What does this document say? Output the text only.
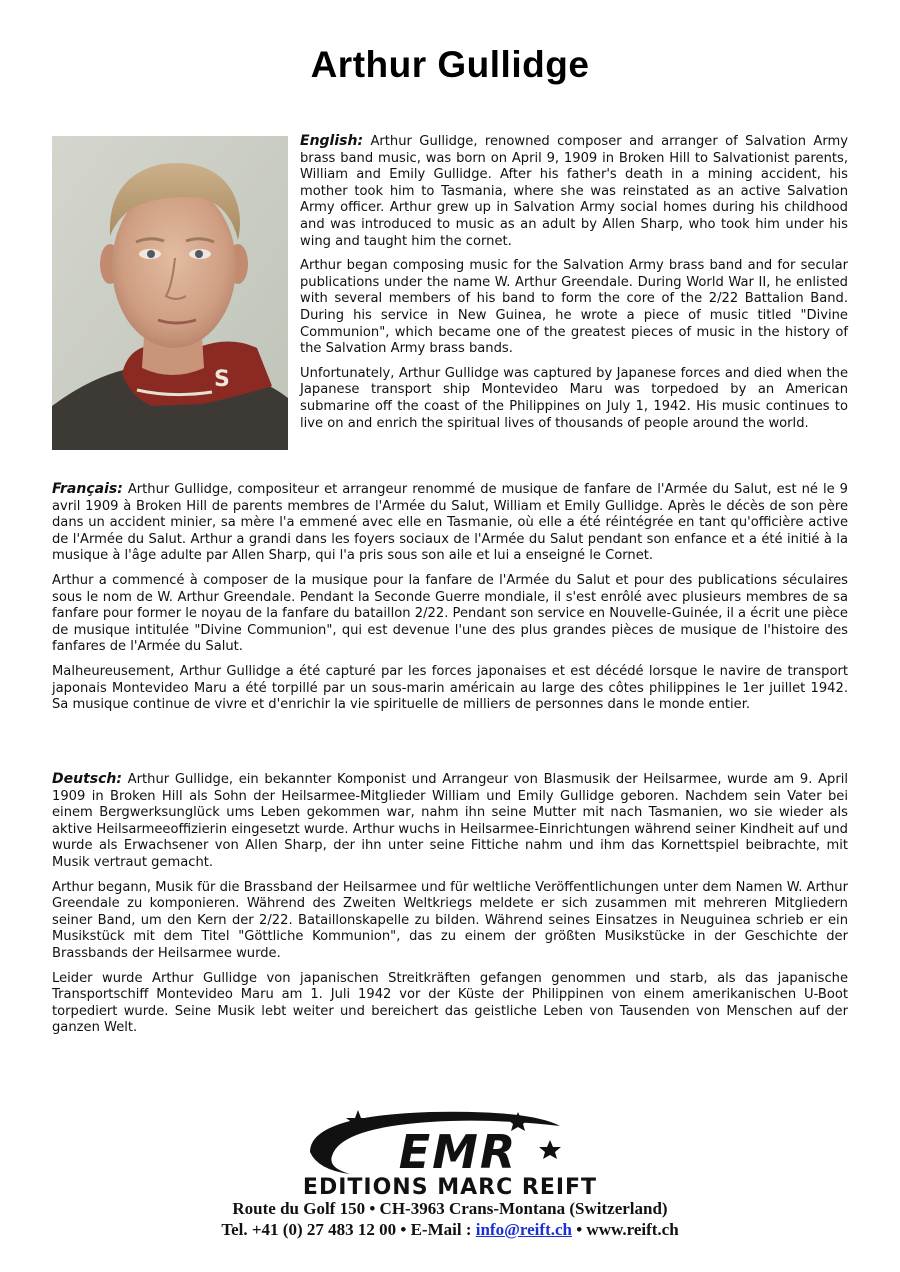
Arthur Gullidge
S

English: Arthur Gullidge, renowned composer and arranger of Salvation Army brass band music, was born on April 9, 1909 in Broken Hill to Salvationist parents, William and Emily Gullidge. After his father's death in a mining accident, his mother took him to Tasmania, where she was reinstated as an active Salvation Army officer. Arthur grew up in Salvation Army social homes during his childhood and was introduced to music as an adult by Allen Sharp, who took him under his wing and taught him the cornet.

Arthur began composing music for the Salvation Army brass band and for secular publications under the name W. Arthur Greendale. During World War II, he enlisted with several members of his band to form the core of the 2/22 Battalion Band. During his service in New Guinea, he wrote a piece of music titled "Divine Communion", which became one of the greatest pieces of music in the history of the Salvation Army brass bands.

Unfortunately, Arthur Gullidge was captured by Japanese forces and died when the Japanese transport ship Montevideo Maru was torpedoed by an American submarine off the coast of the Philippines on July 1, 1942. His music continues to live on and enrich the spiritual lives of thousands of people around the world.

Français: Arthur Gullidge, compositeur et arrangeur renommé de musique de fanfare de l'Armée du Salut, est né le 9 avril 1909 à Broken Hill de parents membres de l'Armée du Salut, William et Emily Gullidge. Après le décès de son père dans un accident minier, sa mère l'a emmené avec elle en Tasmanie, où elle a été réintégrée en tant qu'officière active de l'Armée du Salut. Arthur a grandi dans les foyers sociaux de l'Armée du Salut pendant son enfance et a été initié à la musique à l'âge adulte par Allen Sharp, qui l'a pris sous son aile et lui a enseigné le Cornet.

Arthur a commencé à composer de la musique pour la fanfare de l'Armée du Salut et pour des publications séculaires sous le nom de W. Arthur Greendale. Pendant la Seconde Guerre mondiale, il s'est enrôlé avec plusieurs membres de sa fanfare pour former le noyau de la fanfare du bataillon 2/22. Pendant son service en Nouvelle-Guinée, il a écrit une pièce de musique intitulée "Divine Communion", qui est devenue l'une des plus grandes pièces de musique de l'histoire des fanfares de l'Armée du Salut.

Malheureusement, Arthur Gullidge a été capturé par les forces japonaises et est décédé lorsque le navire de transport japonais Montevideo Maru a été torpillé par un sous-marin américain au large des côtes philippines le 1er juillet 1942. Sa musique continue de vivre et d'enrichir la vie spirituelle de milliers de personnes dans le monde entier.

Deutsch: Arthur Gullidge, ein bekannter Komponist und Arrangeur von Blasmusik der Heilsarmee, wurde am 9. April 1909 in Broken Hill als Sohn der Heilsarmee-Mitglieder William und Emily Gullidge geboren. Nachdem sein Vater bei einem Bergwerksunglück ums Leben gekommen war, nahm ihn seine Mutter mit nach Tasmanien, wo sie wieder als aktive Heilsarmeeoffizierin eingesetzt wurde. Arthur wuchs in Heilsarmee-Einrichtungen während seiner Kindheit auf und wurde als Erwachsener von Allen Sharp, der ihn unter seine Fittiche nahm und ihm das Kornettspiel beibrachte, mit Musik vertraut gemacht.

Arthur begann, Musik für die Brassband der Heilsarmee und für weltliche Veröffentlichungen unter dem Namen W. Arthur Greendale zu komponieren. Während des Zweiten Weltkriegs meldete er sich zusammen mit mehreren Mitgliedern seiner Band, um den Kern der 2/22. Bataillonskapelle zu bilden. Während seines Einsatzes in Neuguinea schrieb er ein Musikstück mit dem Titel "Göttliche Kommunion", das zu einem der größten Musikstücke in der Geschichte der Brassbands der Heilsarmee wurde.

Leider wurde Arthur Gullidge von japanischen Streitkräften gefangen genommen und starb, als das japanische Transportschiff Montevideo Maru am 1. Juli 1942 vor der Küste der Philippinen von einem amerikanischen U-Boot torpediert wurde. Seine Musik lebt weiter und bereichert das geistliche Leben von Tausenden von Menschen auf der ganzen Welt.

EMR
EDITIONS MARC REIFT
Route du Golf 150 • CH-3963 Crans-Montana (Switzerland)
Tel. +41 (0) 27 483 12 00 • E-Mail : info@reift.ch • www.reift.ch
